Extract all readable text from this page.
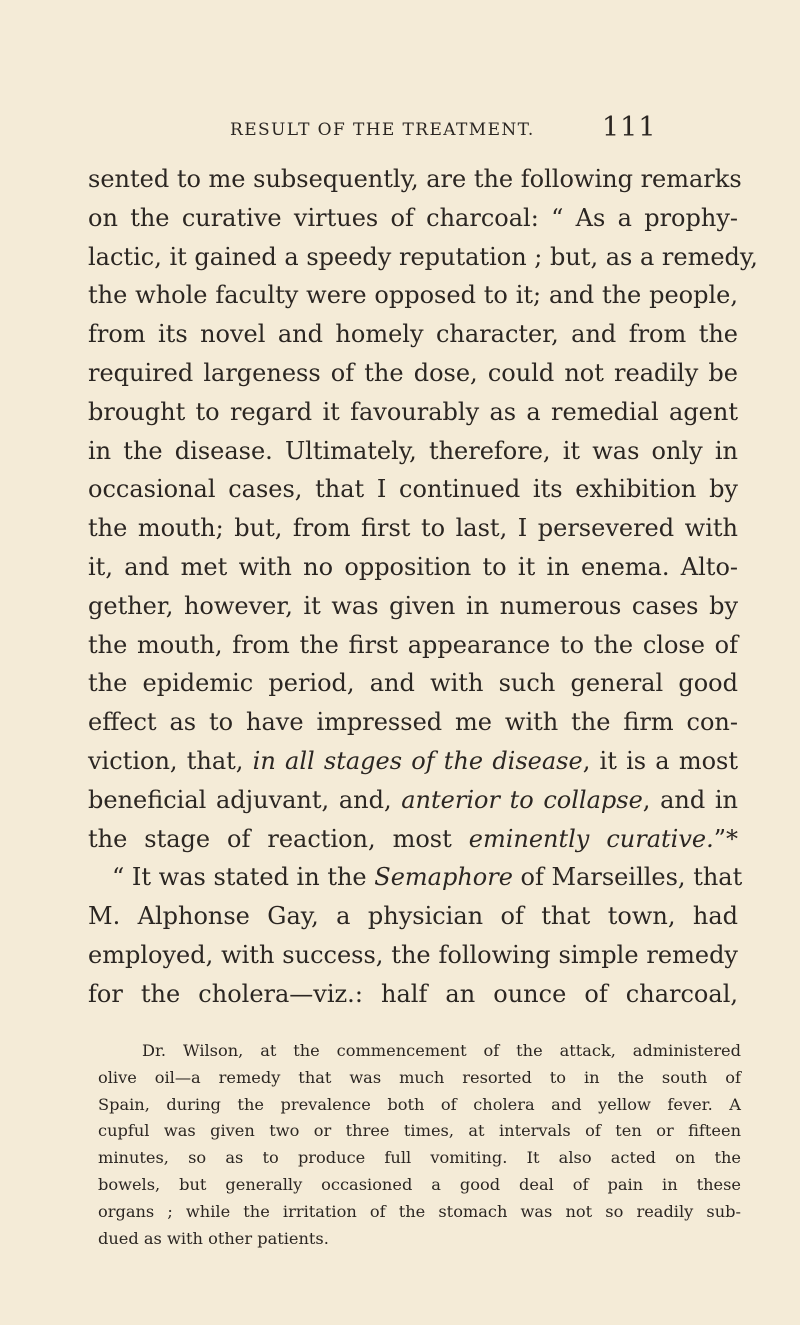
RESULT OF THE TREATMENT. 111
sented to me subsequently, are the following remarks
on the curative virtues of charcoal: “ As a prophy-
lactic, it gained a speedy reputation ; but, as a remedy,
the whole faculty were opposed to it; and the people,
from its novel and homely character, and from the
required largeness of the dose, could not readily be
brought to regard it favourably as a remedial agent
in the disease. Ultimately, therefore, it was only in
occasional cases, that I continued its exhibition by
the mouth; but, from first to last, I persevered with
it, and met with no opposition to it in enema. Alto-
gether, however, it was given in numerous cases by
the mouth, from the first appearance to the close of
the epidemic period, and with such general good
effect as to have impressed me with the firm con-
viction, that, in all stages of the disease, it is a most
beneficial adjuvant, and, anterior to collapse, and in
the stage of reaction, most eminently curative.”*
“ It was stated in the Semaphore of Marseilles, that
M. Alphonse Gay, a physician of that town, had
employed, with success, the following simple remedy
for the cholera—viz.: half an ounce of charcoal,
Dr. Wilson, at the commencement of the attack, administered
olive oil—a remedy that was much resorted to in the south of
Spain, during the prevalence both of cholera and yellow fever. A
cupful was given two or three times, at intervals of ten or fifteen
minutes, so as to produce full vomiting. It also acted on the
bowels, but generally occasioned a good deal of pain in these
organs ; while the irritation of the stomach was not so readily sub-
dued as with other patients.
